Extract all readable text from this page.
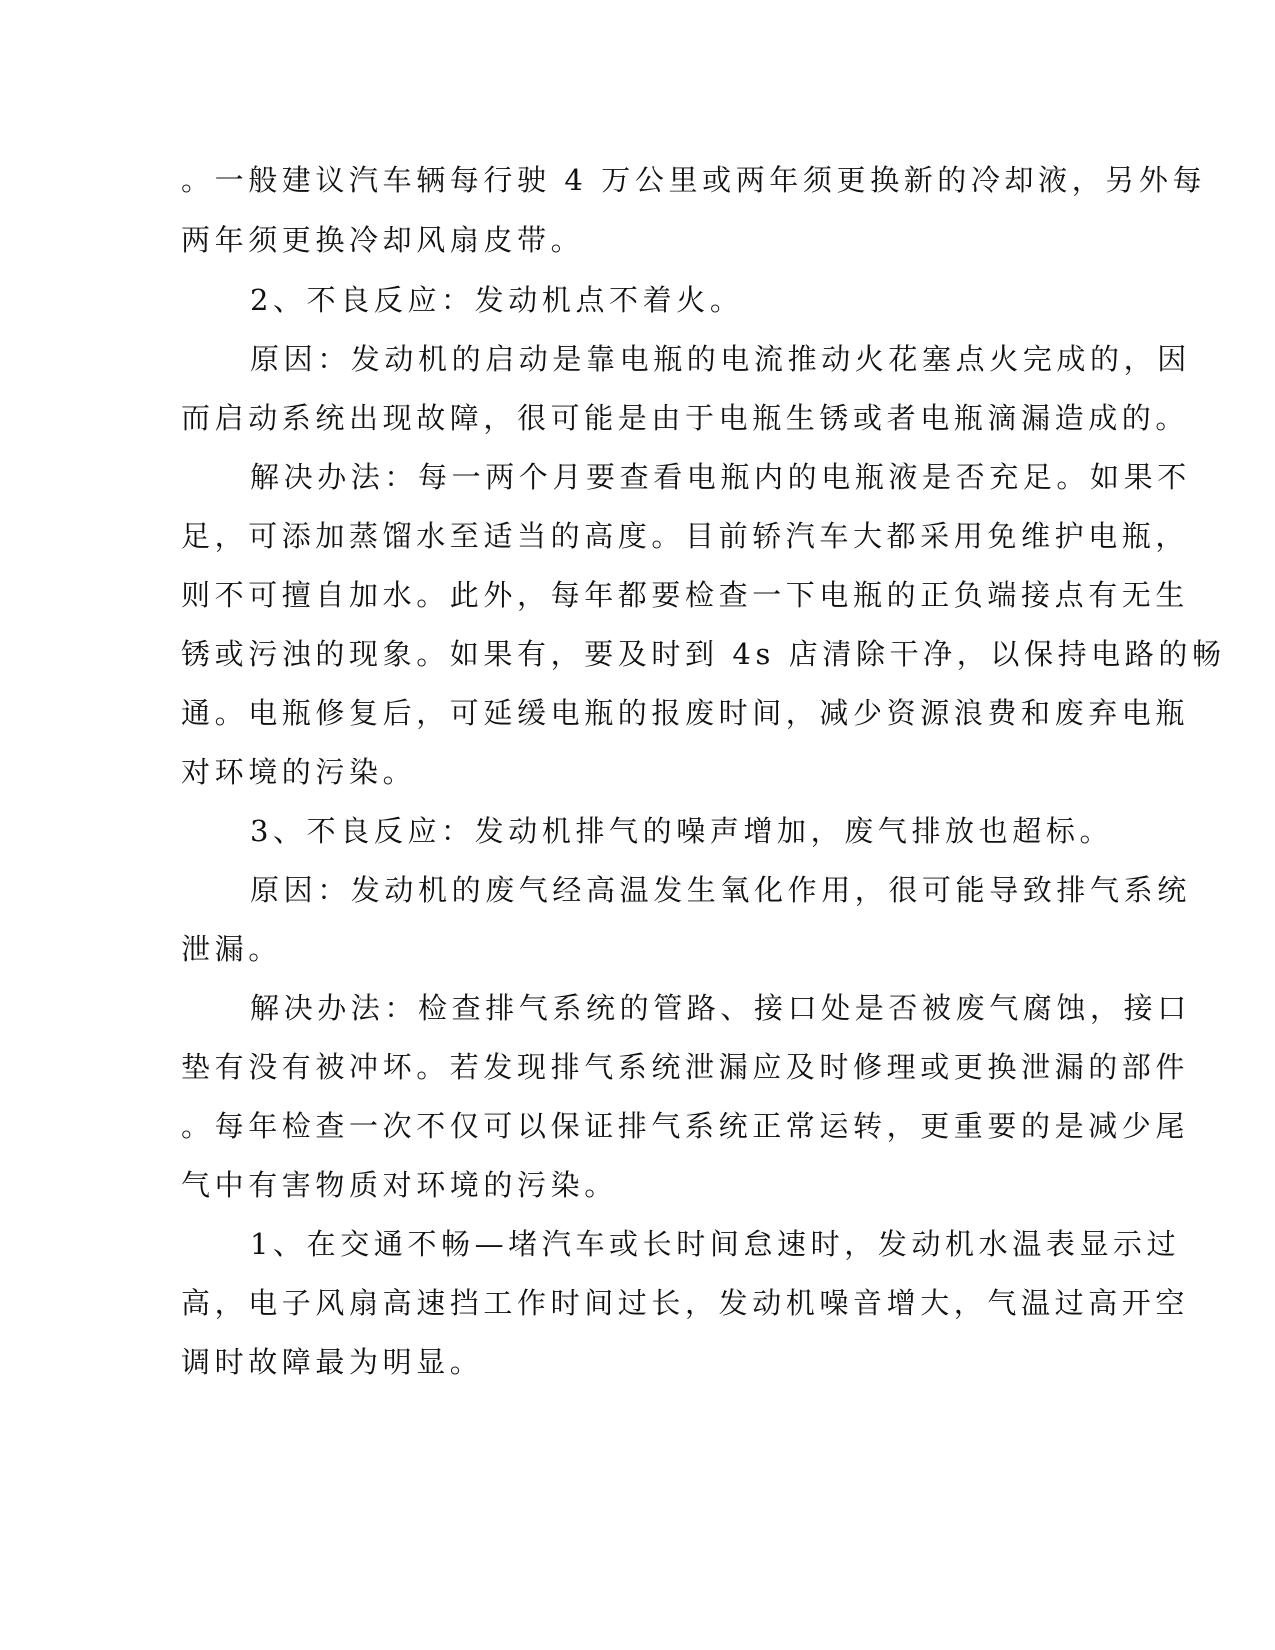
。一般建议汽车辆每行驶 4 万公里或两年须更换新的冷却液，另外每
两年须更换冷却风扇皮带。
2、不良反应：发动机点不着火。
原因：发动机的启动是靠电瓶的电流推动火花塞点火完成的，因
而启动系统出现故障，很可能是由于电瓶生锈或者电瓶滴漏造成的。
解决办法：每一两个月要查看电瓶内的电瓶液是否充足。如果不
足，可添加蒸馏水至适当的高度。目前轿汽车大都采用免维护电瓶，
则不可擅自加水。此外，每年都要检查一下电瓶的正负端接点有无生
锈或污浊的现象。如果有，要及时到 4s 店清除干净，以保持电路的畅
通。电瓶修复后，可延缓电瓶的报废时间，减少资源浪费和废弃电瓶
对环境的污染。
3、不良反应：发动机排气的噪声增加，废气排放也超标。
原因：发动机的废气经高温发生氧化作用，很可能导致排气系统
泄漏。
解决办法：检查排气系统的管路、接口处是否被废气腐蚀，接口
垫有没有被冲坏。若发现排气系统泄漏应及时修理或更换泄漏的部件
。每年检查一次不仅可以保证排气系统正常运转，更重要的是减少尾
气中有害物质对环境的污染。
1、在交通不畅—堵汽车或长时间怠速时，发动机水温表显示过
高，电子风扇高速挡工作时间过长，发动机噪音增大，气温过高开空
调时故障最为明显。
